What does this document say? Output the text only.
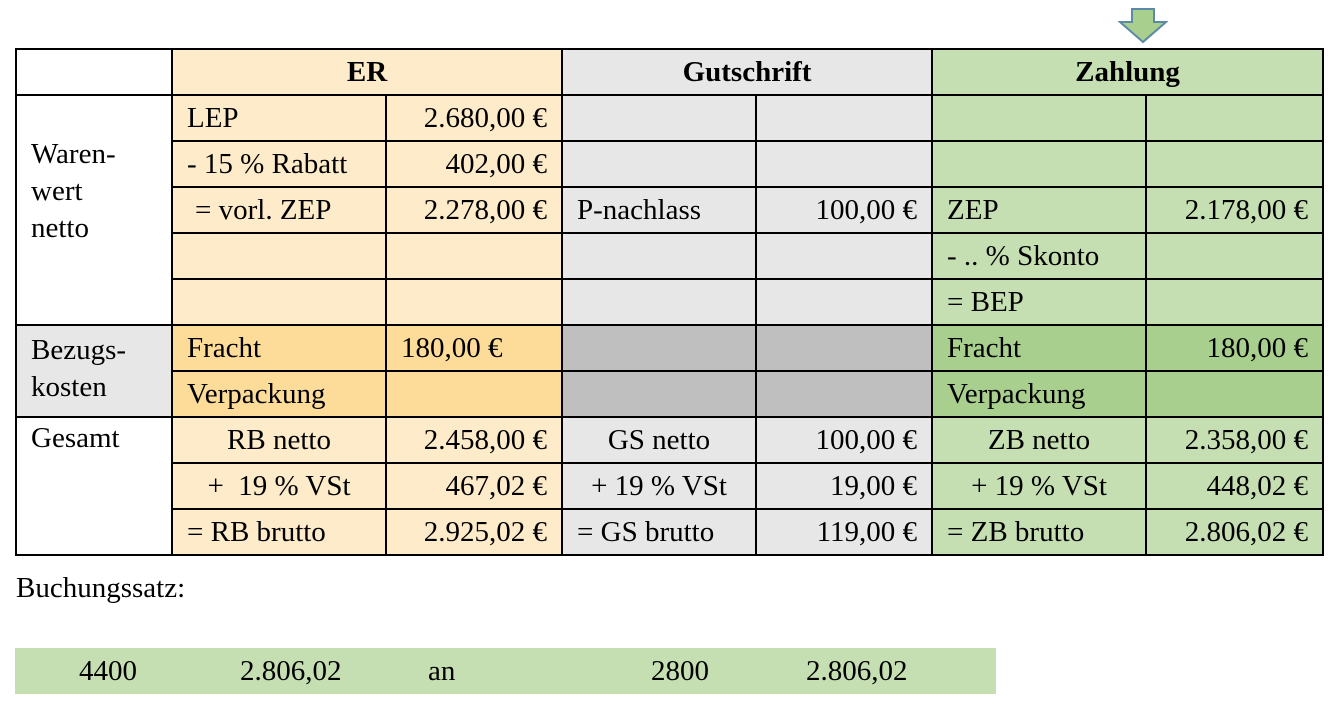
	ER		Gutschrift		Zahlung	
Waren-
wert
netto	LEP	2.680,00 €				
	- 15 % Rabatt	402,00 €				
	= vorl. ZEP	2.278,00 €	P-nachlass	100,00 €	ZEP	2.178,00 €
					- .. % Skonto	
					= BEP	
Bezugs-
kosten	Fracht	180,00 €			Fracht	180,00 €
	Verpackung				Verpackung	
Gesamt	RB netto	2.458,00 €	GS netto	100,00 €	ZB netto	2.358,00 €
	+  19 % VSt	467,02 €	+ 19 % VSt	19,00 €	+ 19 % VSt	448,02 €
	= RB brutto	2.925,02 €	= GS brutto	119,00 €	= ZB brutto	2.806,02 €
Buchungssatz:
4400	2.806,02	an	2800	2.806,02
